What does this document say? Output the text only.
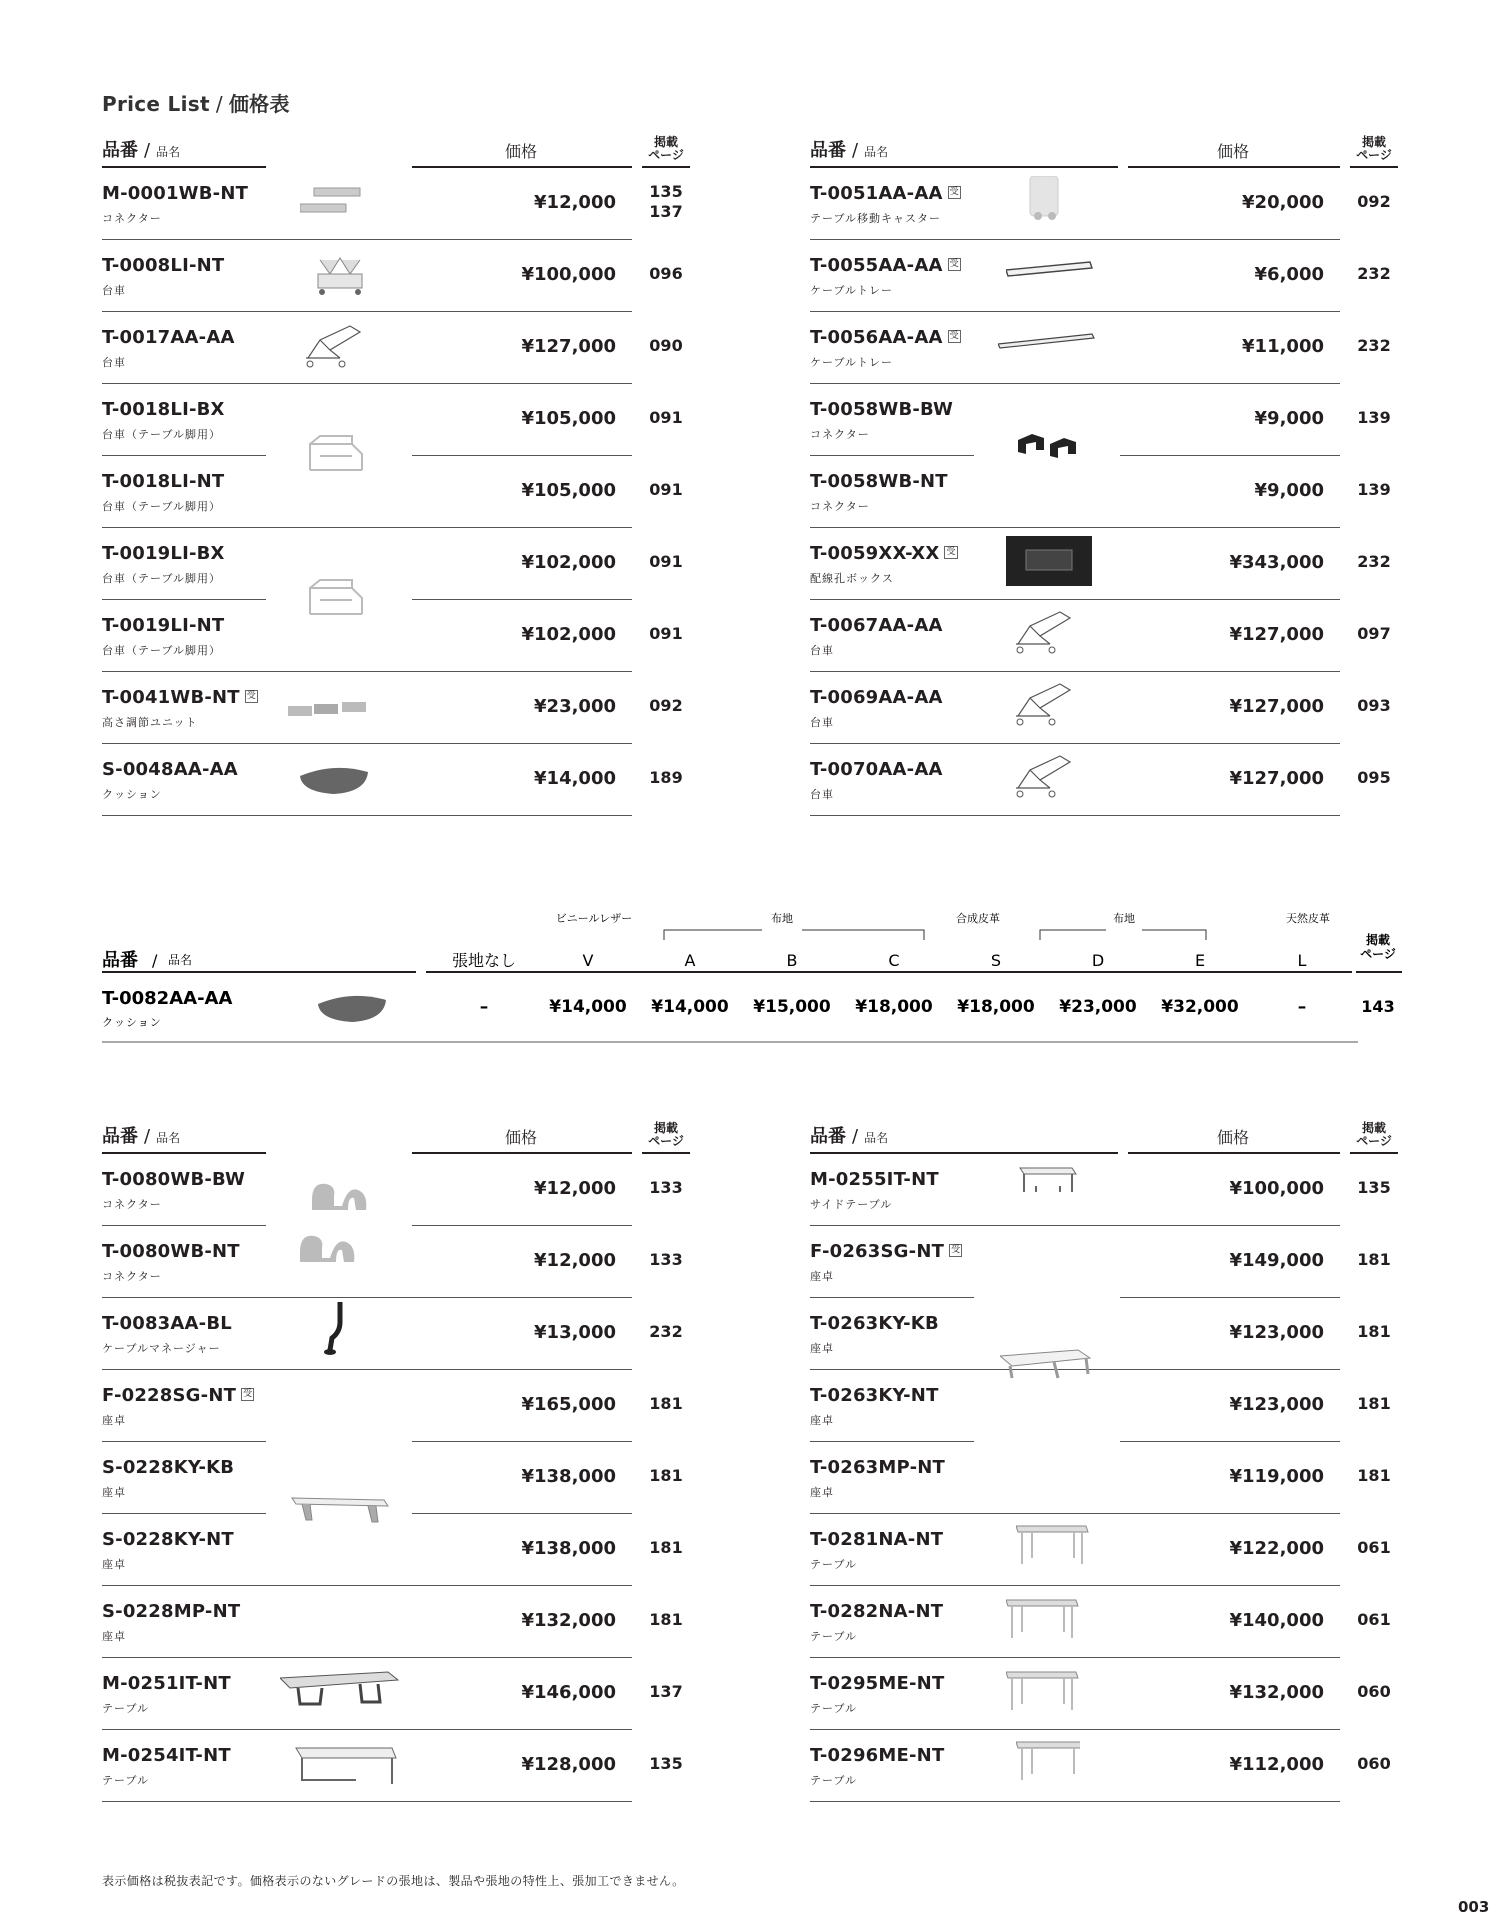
Price List / 価格表
品番 / 品名	価格	掲載
ページ
M-0001WB-NT
コネクター
¥12,000
135
137
T-0008LI-NT
台車
¥100,000	096
T-0017AA-AA
台車
¥127,000	090
T-0018LI-BX
台車（テーブル脚用）
¥105,000	091
T-0018LI-NT
台車（テーブル脚用）
¥105,000	091
T-0019LI-BX
台車（テーブル脚用）
¥102,000	091
T-0019LI-NT
台車（テーブル脚用）
¥102,000	091
T-0041WB-NT 受
高さ調節ユニット
¥23,000	092
S-0048AA-AA
クッション
¥14,000	189
品番 / 品名	価格	掲載
ページ
T-0051AA-AA 受
テーブル移動キャスター
¥20,000	092
T-0055AA-AA 受
ケーブルトレー
¥6,000	232
T-0056AA-AA 受
ケーブルトレー
¥11,000	232
T-0058WB-BW
コネクター
¥9,000	139
T-0058WB-NT
コネクター
¥9,000	139
T-0059XX-XX 受
配線孔ボックス
¥343,000	232
T-0067AA-AA
台車
¥127,000	097
T-0069AA-AA
台車
¥127,000	093
T-0070AA-AA
台車
¥127,000	095
品番 / 品名	価格	掲載
ページ
T-0080WB-BW
コネクター
¥12,000	133
T-0080WB-NT
コネクター
¥12,000	133
T-0083AA-BL
ケーブルマネージャー
¥13,000	232
F-0228SG-NT 受
座卓
¥165,000	181
S-0228KY-KB
座卓
¥138,000	181
S-0228KY-NT
座卓
¥138,000	181
S-0228MP-NT
座卓
¥132,000	181
M-0251IT-NT
テーブル
¥146,000	137
M-0254IT-NT
テーブル
¥128,000	135
品番 / 品名	価格	掲載
ページ
M-0255IT-NT
サイドテーブル
¥100,000	135
F-0263SG-NT 受
座卓
¥149,000	181
T-0263KY-KB
座卓
¥123,000	181
T-0263KY-NT
座卓
¥123,000	181
T-0263MP-NT
座卓
¥119,000	181
T-0281NA-NT
テーブル
¥122,000	061
T-0282NA-NT
テーブル
¥140,000	061
T-0295ME-NT
テーブル
¥132,000	060
T-0296ME-NT
テーブル
¥112,000	060
ビニールレザー	布地	合成皮革	布地	天然皮革
品番 / 品名
掲載
ページ
張地なし	V	A	B	C	S	D	E	L
T-0082AA-AA
クッション
–	¥14,000 ¥14,000 ¥15,000 ¥18,000 ¥18,000 ¥23,000 ¥32,000	–	143
表示価格は税抜表記です。価格表示のないグレードの張地は、製品や張地の特性上、張加工できません。
003
